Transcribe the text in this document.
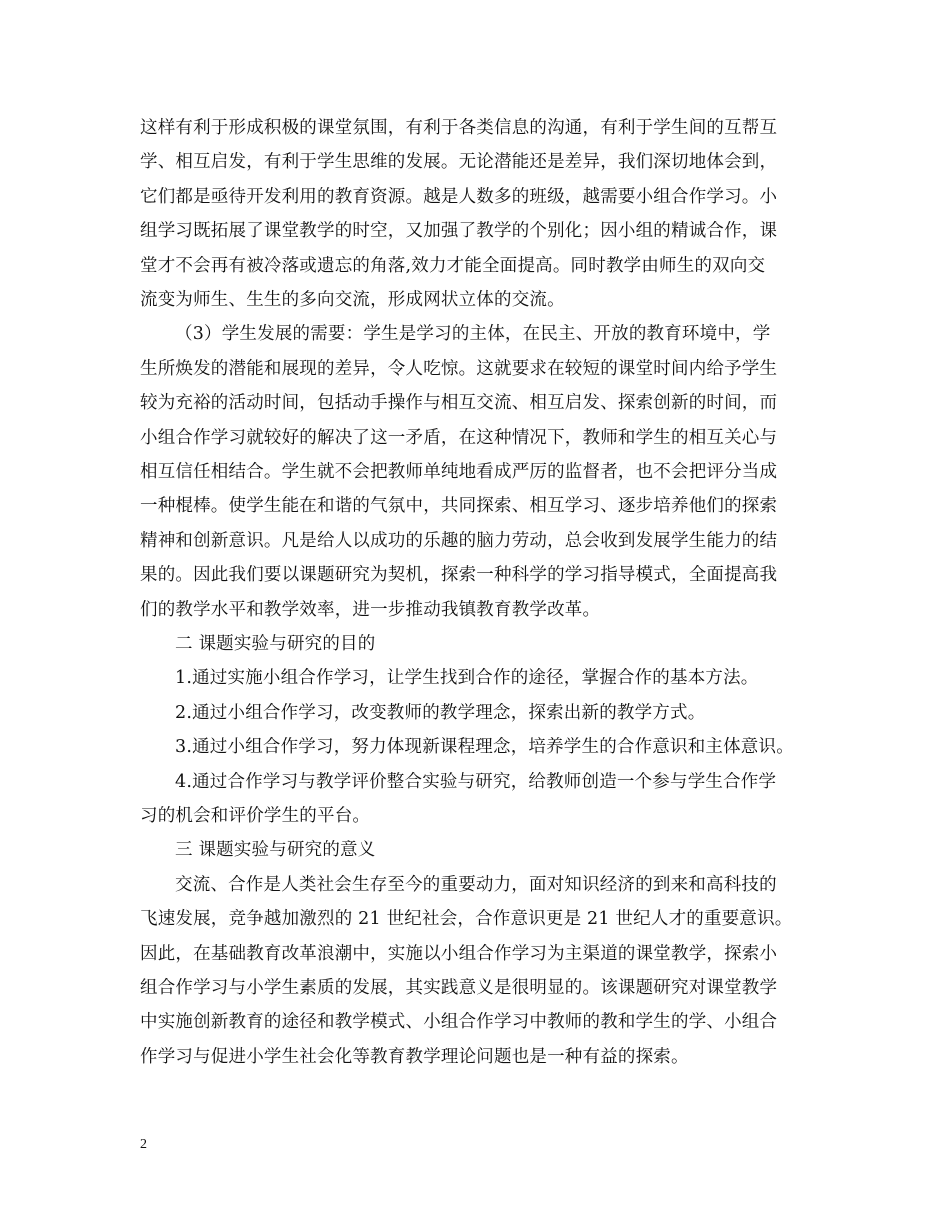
这样有利于形成积极的课堂氛围，有利于各类信息的沟通，有利于学生间的互帮互
学、相互启发，有利于学生思维的发展。无论潜能还是差异，我们深切地体会到，
它们都是亟待开发利用的教育资源。越是人数多的班级，越需要小组合作学习。小
组学习既拓展了课堂教学的时空，又加强了教学的个别化；因小组的精诚合作，课
堂才不会再有被冷落或遗忘的角落,效力才能全面提高。同时教学由师生的双向交
流变为师生、生生的多向交流，形成网状立体的交流。
（3）学生发展的需要：学生是学习的主体，在民主、开放的教育环境中，学
生所焕发的潜能和展现的差异，令人吃惊。这就要求在较短的课堂时间内给予学生
较为充裕的活动时间，包括动手操作与相互交流、相互启发、探索创新的时间，而
小组合作学习就较好的解决了这一矛盾，在这种情况下，教师和学生的相互关心与
相互信任相结合。学生就不会把教师单纯地看成严厉的监督者，也不会把评分当成
一种棍棒。使学生能在和谐的气氛中，共同探索、相互学习、逐步培养他们的探索
精神和创新意识。凡是给人以成功的乐趣的脑力劳动，总会收到发展学生能力的结
果的。因此我们要以课题研究为契机，探索一种科学的学习指导模式，全面提高我
们的教学水平和教学效率，进一步推动我镇教育教学改革。
二 课题实验与研究的目的
1.通过实施小组合作学习，让学生找到合作的途径，掌握合作的基本方法。
2.通过小组合作学习，改变教师的教学理念，探索出新的教学方式。
3.通过小组合作学习，努力体现新课程理念，培养学生的合作意识和主体意识。
4.通过合作学习与教学评价整合实验与研究，给教师创造一个参与学生合作学
习的机会和评价学生的平台。
三 课题实验与研究的意义
交流、合作是人类社会生存至今的重要动力，面对知识经济的到来和高科技的
飞速发展，竞争越加激烈的 21 世纪社会，合作意识更是 21 世纪人才的重要意识。
因此，在基础教育改革浪潮中，实施以小组合作学习为主渠道的课堂教学，探索小
组合作学习与小学生素质的发展，其实践意义是很明显的。该课题研究对课堂教学
中实施创新教育的途径和教学模式、小组合作学习中教师的教和学生的学、小组合
作学习与促进小学生社会化等教育教学理论问题也是一种有益的探索。
2
